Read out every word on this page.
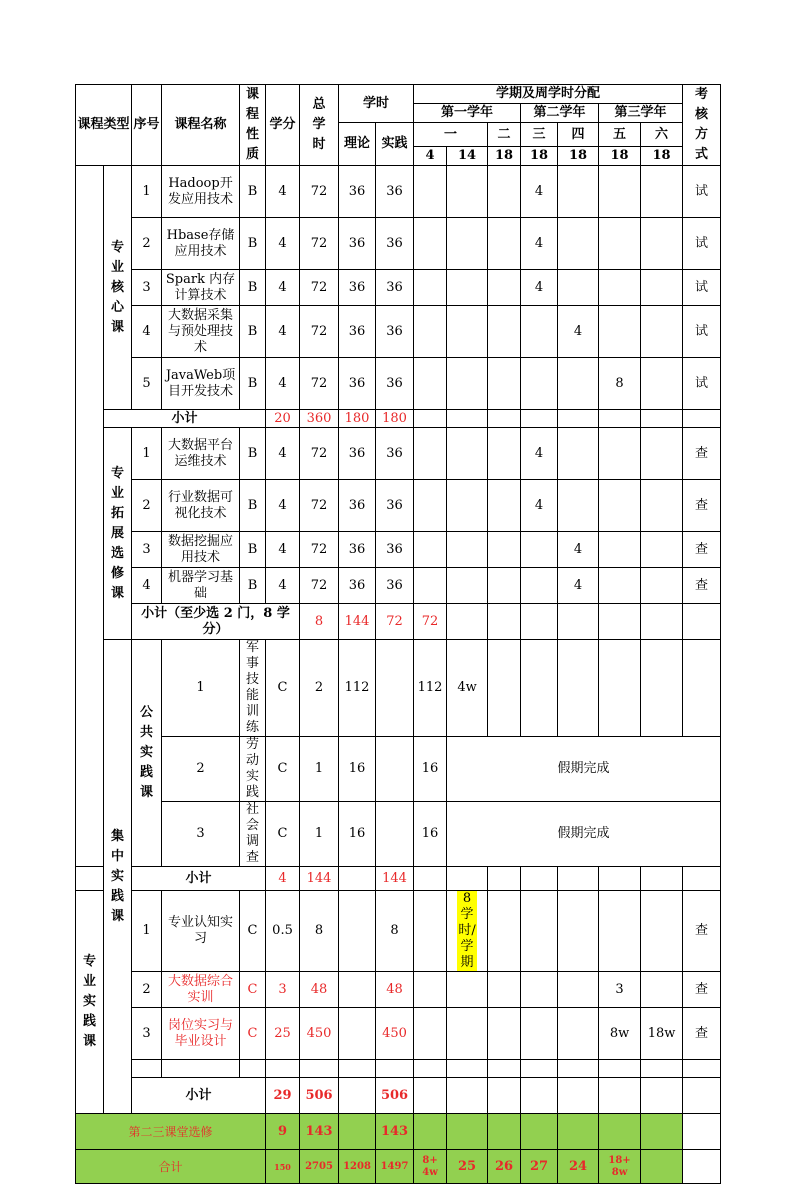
课程类型		序号	课程名称	课程性质	学分	总学时	学时		学期及周学时分配							考核方式	
									第一学年			第二学年		第三学年			
							理论	实践	一		二	三	四	五	六		
									4	14	18	18	18	18	18		
	专业核心课	1	Hadoop开发应用技术	B	4	72	36	36				4				试	
		2	Hbase存储应用技术	B	4	72	36	36				4				试	
		3	Spark 内存计算技术	B	4	72	36	36				4				试	
		4	大数据采集与预处理技术	B	4	72	36	36					4			试	
		5	JavaWeb项目开发技术	B	4	72	36	36						8		试	
	小计				20	360	180	180									
	专业拓展选修课	1	大数据平台运维技术	B	4	72	36	36				4				查	
		2	行业数据可视化技术	B	4	72	36	36				4				查	
		3	数据挖掘应用技术	B	4	72	36	36					4			查	
		4	机器学习基础	B	4	72	36	36					4			查	
		小计（至少选 2 门，8 学分）				8	144	72	72								
	集中实践课	公共实践课	1	军事技能训练	C	2	112		112	4w							
			2	劳动实践	C	1	16		16	假期完成	
			3	社会调查	C	1	16		16	假期完成	
		小计			4	144		144									
专业实践课		1	专业认知实习	C	0.5	8		8		8学时/学期						查	
		2	大数据综合实训	C	3	48		48						3		查	
		3	岗位实习与毕业设计	C	25	450		450						8w	18w	查	

		小计			29	506		506									
第二三课堂选修					9	143		143									
合计					150	2705	1208	1497	8+4w	25	26	27	24	18+8w			
